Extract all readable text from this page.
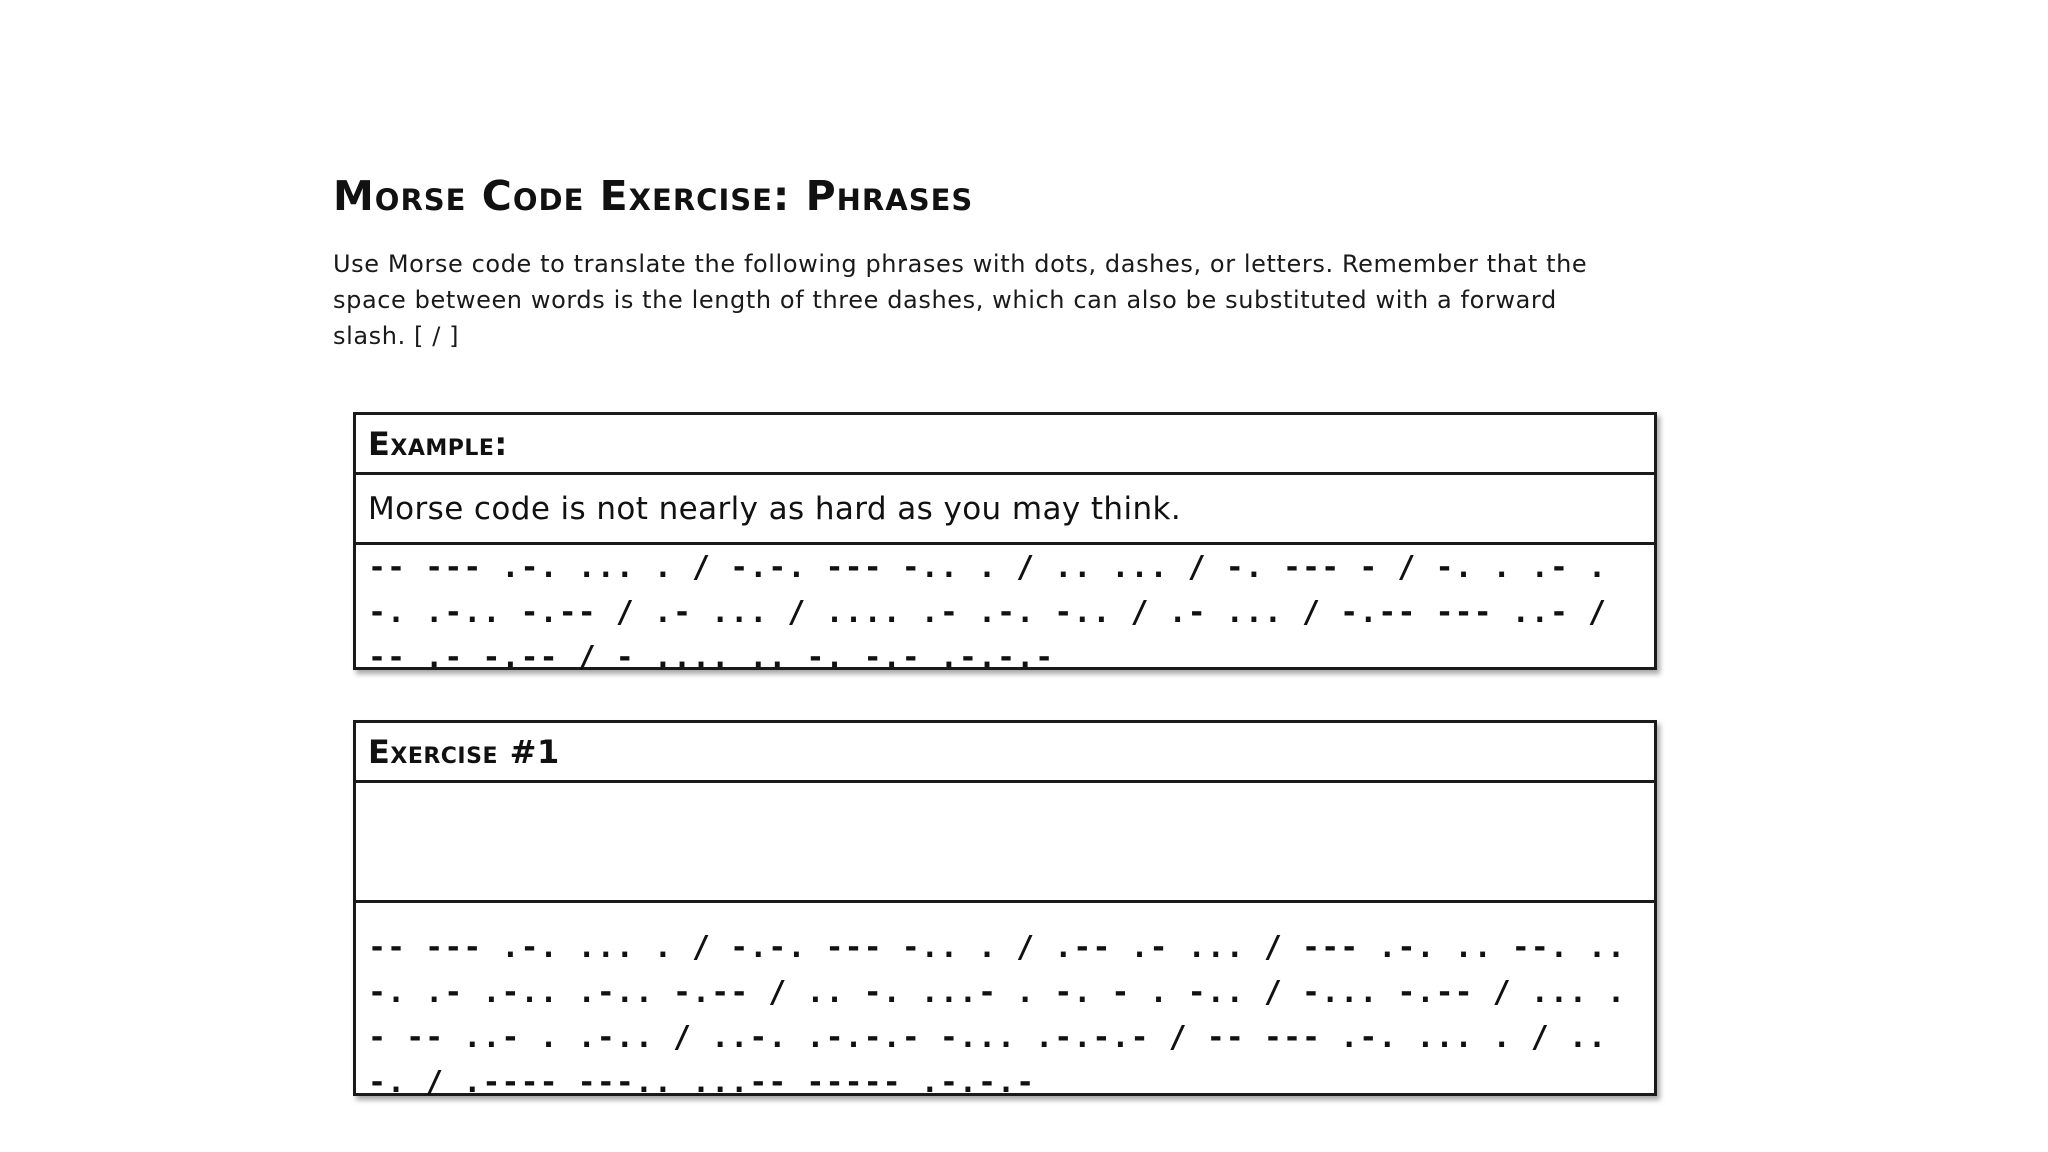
Morse Code Exercise: Phrases

Use Morse code to translate the following phrases with dots, dashes, or letters. Remember that the space between words is the length of three dashes, which can also be substituted with a forward slash. [ / ]

Example:
Morse code is not nearly as hard as you may think.
-- --- .-. ... . / -.-. --- -.. . / .. ... / -. --- - / -. . .- .-. .-.. -.-- / .- ... / .... .- .-. -.. / .- ... / -.-- --- ..- / -- .- -.-- / - .... .. -. -.- .-.-.-
Exercise #1
-- --- .-. ... . / -.-. --- -.. . / .-- .- ... / --- .-. .. --. .. -. .- .-.. .-.. -.-- / .. -. ...- . -. - . -.. / -... -.-- / ... .- -- ..- . .-.. / ..-. .-.-.- -... .-.-.- / -- --- .-. ... . / .. -. / .---- ---.. ...-- ----- .-.-.-
